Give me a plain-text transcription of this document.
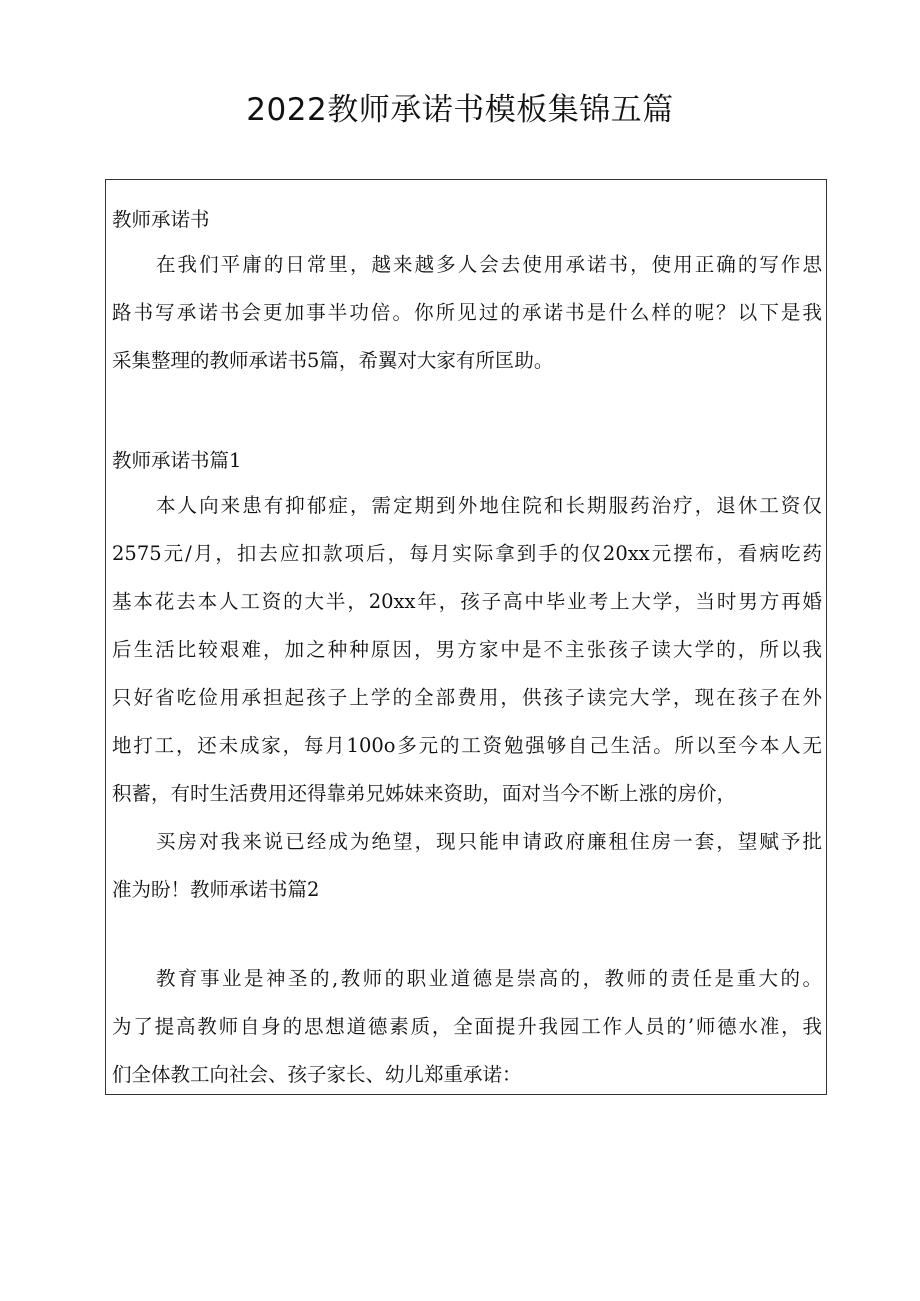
2022教师承诺书模板集锦五篇
教师承诺书
在我们平庸的日常里，越来越多人会去使用承诺书，使用正确的写作思
路书写承诺书会更加事半功倍。你所见过的承诺书是什么样的呢？以下是我
采集整理的教师承诺书5篇，希翼对大家有所匡助。
教师承诺书篇1
本人向来患有抑郁症，需定期到外地住院和长期服药治疗，退休工资仅
2575元/月，扣去应扣款项后，每月实际拿到手的仅20xx元摆布，看病吃药
基本花去本人工资的大半，20xx年，孩子高中毕业考上大学，当时男方再婚
后生活比较艰难，加之种种原因，男方家中是不主张孩子读大学的，所以我
只好省吃俭用承担起孩子上学的全部费用，供孩子读完大学，现在孩子在外
地打工，还未成家，每月100o多元的工资勉强够自己生活。所以至今本人无
积蓄，有时生活费用还得靠弟兄姊妹来资助，面对当今不断上涨的房价，
买房对我来说已经成为绝望，现只能申请政府廉租住房一套，望赋予批
准为盼！教师承诺书篇2
教育事业是神圣的,教师的职业道德是崇高的，教师的责任是重大的。
为了提高教师自身的思想道德素质，全面提升我园工作人员的’师德水准，我
们全体教工向社会、孩子家长、幼儿郑重承诺：
